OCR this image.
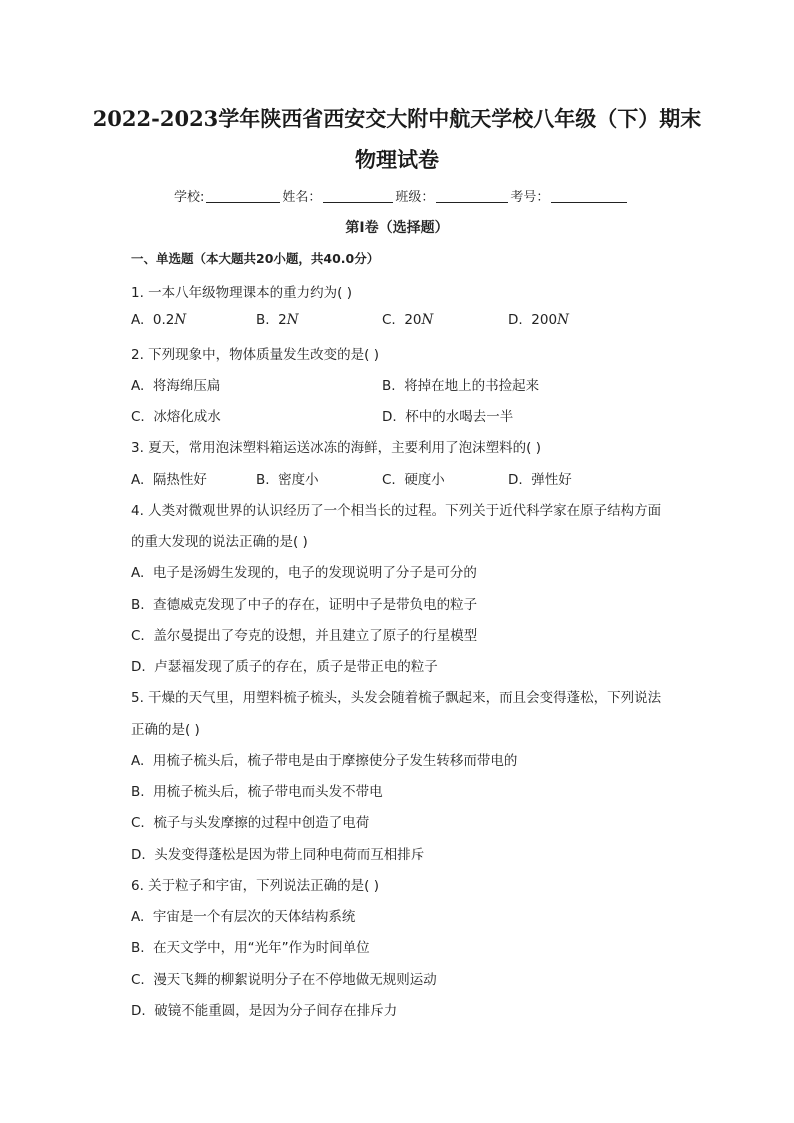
2022-2023学年陕西省西安交大附中航天学校八年级（下）期末
物理试卷
学校:	姓名：	班级：	考号：
第Ⅰ卷（选择题）
一、单选题（本大题共20小题，共40.0分）
1. 一本八年级物理课本的重力约为( )
A. 0.2N	B. 2N	C. 20N	D. 200N
2. 下列现象中，物体质量发生改变的是( )
A. 将海绵压扁	B. 将掉在地上的书捡起来
C. 冰熔化成水	D. 杯中的水喝去一半
3. 夏天，常用泡沫塑料箱运送冰冻的海鲜，主要利用了泡沫塑料的( )
A. 隔热性好	B. 密度小	C. 硬度小	D. 弹性好
4. 人类对微观世界的认识经历了一个相当长的过程。下列关于近代科学家在原子结构方面
的重大发现的说法正确的是( )
A. 电子是汤姆生发现的，电子的发现说明了分子是可分的
B. 查德威克发现了中子的存在，证明中子是带负电的粒子
C. 盖尔曼提出了夸克的设想，并且建立了原子的行星模型
D. 卢瑟福发现了质子的存在，质子是带正电的粒子
5. 干燥的天气里，用塑料梳子梳头，头发会随着梳子飘起来，而且会变得蓬松，下列说法
正确的是( )
A. 用梳子梳头后，梳子带电是由于摩擦使分子发生转移而带电的
B. 用梳子梳头后，梳子带电而头发不带电
C. 梳子与头发摩擦的过程中创造了电荷
D. 头发变得蓬松是因为带上同种电荷而互相排斥
6. 关于粒子和宇宙，下列说法正确的是( )
A. 宇宙是一个有层次的天体结构系统
B. 在天文学中，用“光年”作为时间单位
C. 漫天飞舞的柳絮说明分子在不停地做无规则运动
D. 破镜不能重圆，是因为分子间存在排斥力
